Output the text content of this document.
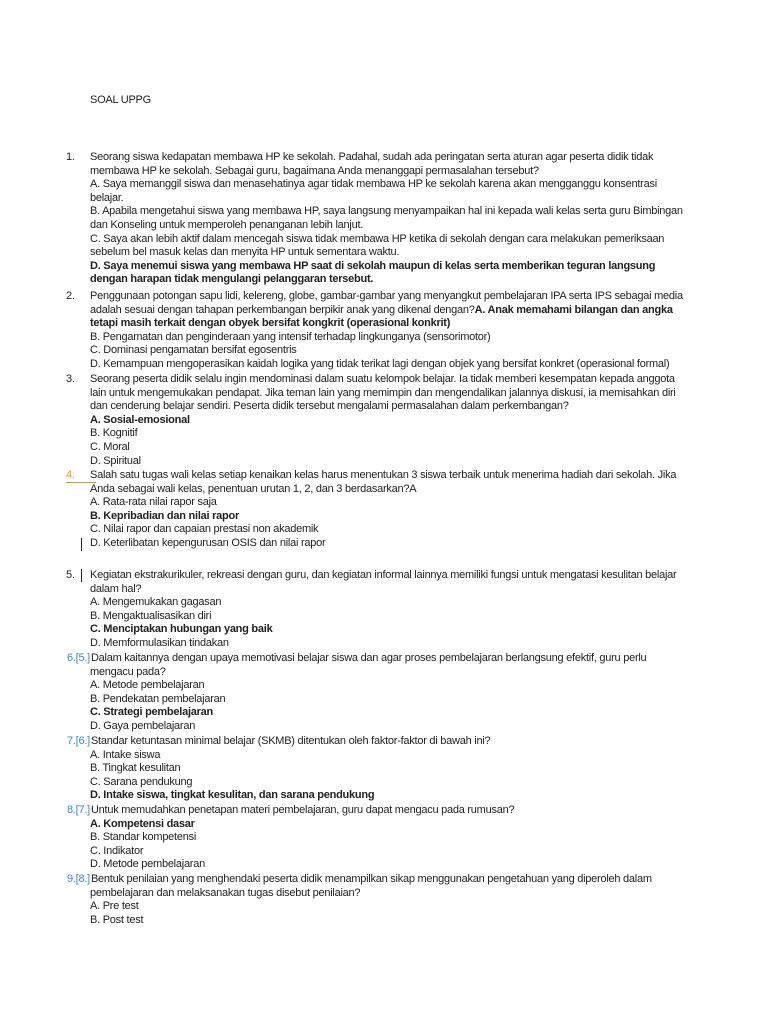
SOAL UPPG
1. Seorang siswa kedapatan membawa HP ke sekolah. Padahal, sudah ada peringatan serta aturan agar peserta didik tidak
membawa HP ke sekolah. Sebagai guru, bagaimana Anda menanggapi permasalahan tersebut?
A. Saya memanggil siswa dan menasehatinya agar tidak membawa HP ke sekolah karena akan mengganggu konsentrasi
belajar.
B. Apabila mengetahui siswa yang membawa HP, saya langsung menyampaikan hal ini kepada wali kelas serta guru Bimbingan
dan Konseling untuk memperoleh penanganan lebih lanjut.
C. Saya akan lebih aktif dalam mencegah siswa tidak membawa HP ketika di sekolah dengan cara melakukan pemeriksaan
sebelum bel masuk kelas dan menyita HP untuk sementara waktu.
D. Saya menemui siswa yang membawa HP saat di sekolah maupun di kelas serta memberikan teguran langsung
dengan harapan tidak mengulangi pelanggaran tersebut.
2. Penggunaan potongan sapu lidi, kelereng, globe, gambar-gambar yang menyangkut pembelajaran IPA serta IPS sebagai media
adalah sesuai dengan tahapan perkembangan berpikir anak yang dikenal dengan?A. Anak memahami bilangan dan angka
tetapi masih terkait dengan obyek bersifat kongkrit (operasional konkrit)
B. Pengamatan dan penginderaan yang intensif terhadap lingkunganya (sensorimotor)
C. Dominasi pengamatan bersifat egosentris
D. Kemampuan mengoperasikan kaidah logika yang tidak terikat lagi dengan objek yang bersifat konkret (operasional formal)
3. Seorang peserta didik selalu ingin mendominasi dalam suatu kelompok belajar. Ia tidak memberi kesempatan kepada anggota
lain untuk mengemukakan pendapat. Jika teman lain yang memimpin dan mengendalikan jalannya diskusi, ia memisahkan diri
dan cenderung belajar sendiri. Peserta didik tersebut mengalami permasalahan dalam perkembangan?
A. Sosial-emosional
B. Kognitif
C. Moral
D. Spiritual
4.	Salah satu tugas wali kelas setiap kenaikan kelas harus menentukan 3 siswa terbaik untuk menerima hadiah dari sekolah. Jika
Anda sebagai wali kelas, penentuan urutan 1, 2, dan 3 berdasarkan?A
A. Rata-rata nilai rapor saja
B. Kepribadian dan nilai rapor
C. Nilai rapor dan capaian prestasi non akademik
D. Keterlibatan kepengurusan OSIS dan nilai rapor
5. Kegiatan ekstrakurikuler, rekreasi dengan guru, dan kegiatan informal lainnya memiliki fungsi untuk mengatasi kesulitan belajar
dalam hal?
A. Mengemukakan gagasan
B. Mengaktualisasikan diri
C. Menciptakan hubungan yang baik
D. Memformulasikan tindakan
6.[5.] Dalam kaitannya dengan upaya memotivasi belajar siswa dan agar proses pembelajaran berlangsung efektif, guru perlu
mengacu pada?
A. Metode pembelajaran
B. Pendekatan pembelajaran
C. Strategi pembelajaran
D. Gaya pembelajaran
7.[6.] Standar ketuntasan minimal belajar (SKMB) ditentukan oleh faktor-faktor di bawah ini?
A. Intake siswa
B. Tingkat kesulitan
C. Sarana pendukung
D. Intake siswa, tingkat kesulitan, dan sarana pendukung
8.[7.] Untuk memudahkan penetapan materi pembelajaran, guru dapat mengacu pada rumusan?
A. Kompetensi dasar
B. Standar kompetensi
C. Indikator
D. Metode pembelajaran
9.[8.] Bentuk penilaian yang menghendaki peserta didik menampilkan sikap menggunakan pengetahuan yang diperoleh dalam
pembelajaran dan melaksanakan tugas disebut penilaian?
A. Pre test
B. Post test
